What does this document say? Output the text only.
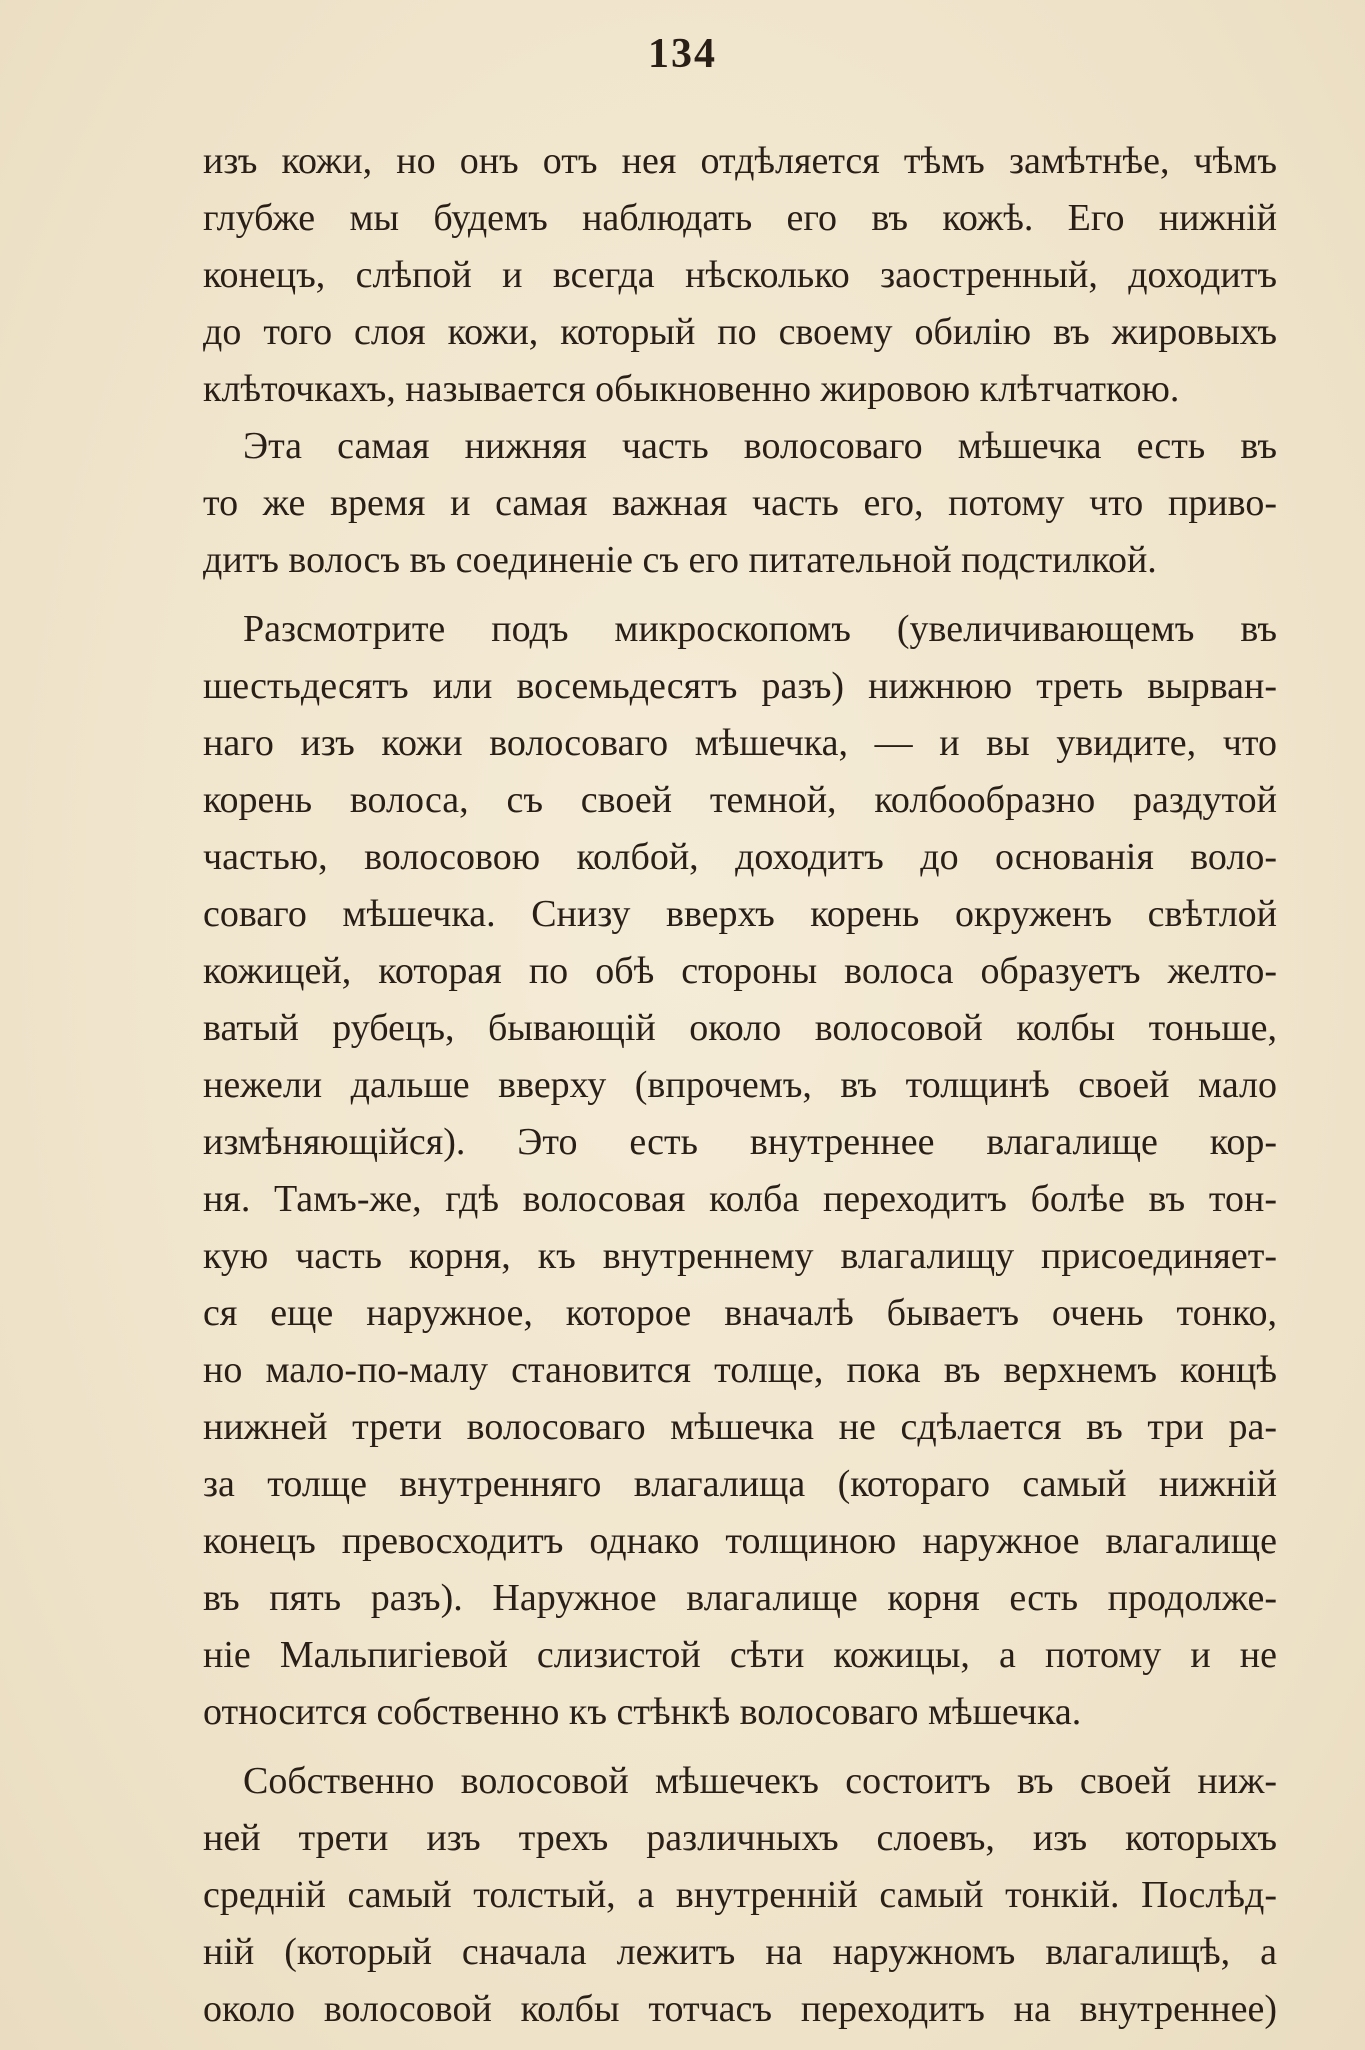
134
изъ кожи, но онъ отъ нея отдѣляется тѣмъ замѣтнѣе, чѣмъ
глубже мы будемъ наблюдать его въ кожѣ. Его нижній
конецъ, слѣпой и всегда нѣсколько заостренный, доходитъ
до того слоя кожи, который по своему обилію въ жировыхъ
клѣточкахъ, называется обыкновенно жировою клѣтчаткою.
Эта самая нижняя часть волосоваго мѣшечка есть въ
то же время и самая важная часть его, потому что приво-
дитъ волосъ въ соединеніе съ его питательной подстилкой.
Разсмотрите подъ микроскопомъ (увеличивающемъ въ
шестьдесятъ или восемьдесятъ разъ) нижнюю треть вырван-
наго изъ кожи волосоваго мѣшечка, — и вы увидите, что
корень волоса, съ своей темной, колбообразно раздутой
частью, волосовою колбой, доходитъ до основанія воло-
соваго мѣшечка. Снизу вверхъ корень окруженъ свѣтлой
кожицей, которая по обѣ стороны волоса образуетъ желто-
ватый рубецъ, бывающій около волосовой колбы тоньше,
нежели дальше вверху (впрочемъ, въ толщинѣ своей мало
измѣняющійся). Это есть внутреннее влагалище кор-
ня. Тамъ-же, гдѣ волосовая колба переходитъ болѣе въ тон-
кую часть корня, къ внутреннему влагалищу присоединяет-
ся еще наружное, которое вначалѣ бываетъ очень тонко,
но мало-по-малу становится толще, пока въ верхнемъ концѣ
нижней трети волосоваго мѣшечка не сдѣлается въ три ра-
за толще внутренняго влагалища (котораго самый нижній
конецъ превосходитъ однако толщиною наружное влагалище
въ пять разъ). Наружное влагалище корня есть продолже-
ніе Мальпигіевой слизистой сѣти кожицы, а потому и не
относится собственно къ стѣнкѣ волосоваго мѣшечка.
Собственно волосовой мѣшечекъ состоитъ въ своей ниж-
ней трети изъ трехъ различныхъ слоевъ, изъ которыхъ
средній самый толстый, а внутренній самый тонкій. Послѣд-
ній (который сначала лежитъ на наружномъ влагалищѣ, а
около волосовой колбы тотчасъ переходитъ на внутреннее)
